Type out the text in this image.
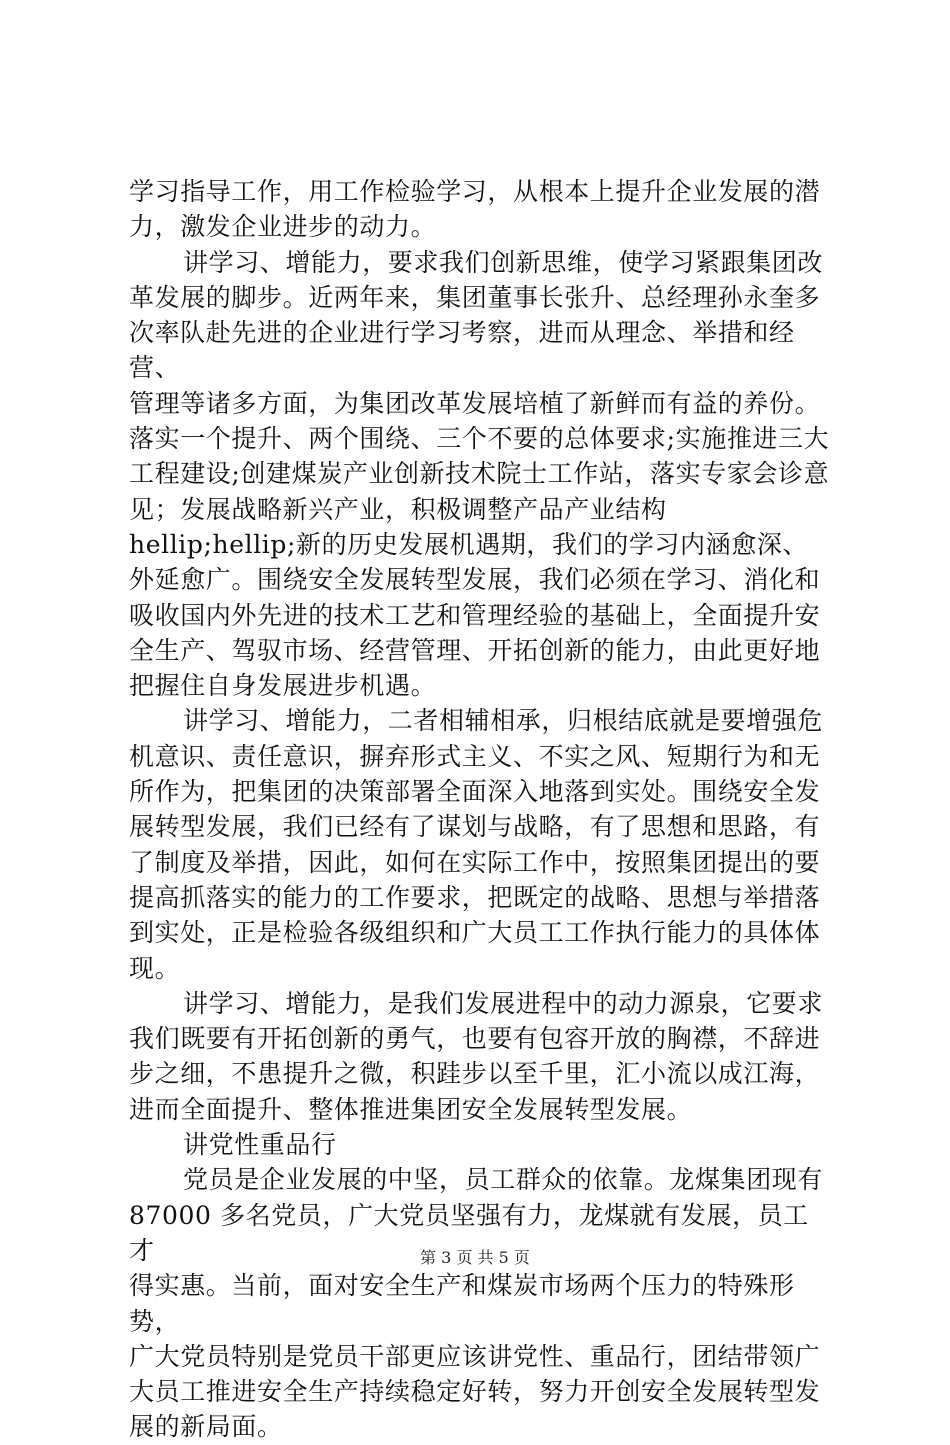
学习指导工作，用工作检验学习，从根本上提升企业发展的潜
力，激发企业进步的动力。

讲学习、增能力，要求我们创新思维，使学习紧跟集团改
革发展的脚步。近两年来，集团董事长张升、总经理孙永奎多
次率队赴先进的企业进行学习考察，进而从理念、举措和经营、
管理等诸多方面，为集团改革发展培植了新鲜而有益的养份。
落实一个提升、两个围绕、三个不要的总体要求;实施推进三大
工程建设;创建煤炭产业创新技术院士工作站，落实专家会诊意
见；发展战略新兴产业，积极调整产品产业结构
hellip;hellip;新的历史发展机遇期，我们的学习内涵愈深、
外延愈广。围绕安全发展转型发展，我们必须在学习、消化和
吸收国内外先进的技术工艺和管理经验的基础上，全面提升安
全生产、驾驭市场、经营管理、开拓创新的能力，由此更好地
把握住自身发展进步机遇。

讲学习、增能力，二者相辅相承，归根结底就是要增强危
机意识、责任意识，摒弃形式主义、不实之风、短期行为和无
所作为，把集团的决策部署全面深入地落到实处。围绕安全发
展转型发展，我们已经有了谋划与战略，有了思想和思路，有
了制度及举措，因此，如何在实际工作中，按照集团提出的要
提高抓落实的能力的工作要求，把既定的战略、思想与举措落
到实处，正是检验各级组织和广大员工工作执行能力的具体体
现。

讲学习、增能力，是我们发展进程中的动力源泉，它要求
我们既要有开拓创新的勇气，也要有包容开放的胸襟，不辞进
步之细，不患提升之微，积跬步以至千里，汇小流以成江海，
进而全面提升、整体推进集团安全发展转型发展。

讲党性重品行

党员是企业发展的中坚，员工群众的依靠。龙煤集团现有
87000 多名党员，广大党员坚强有力，龙煤就有发展，员工才
得实惠。当前，面对安全生产和煤炭市场两个压力的特殊形势，
广大党员特别是党员干部更应该讲党性、重品行，团结带领广
大员工推进安全生产持续稳定好转，努力开创安全发展转型发
展的新局面。

第 3 页 共 5 页
